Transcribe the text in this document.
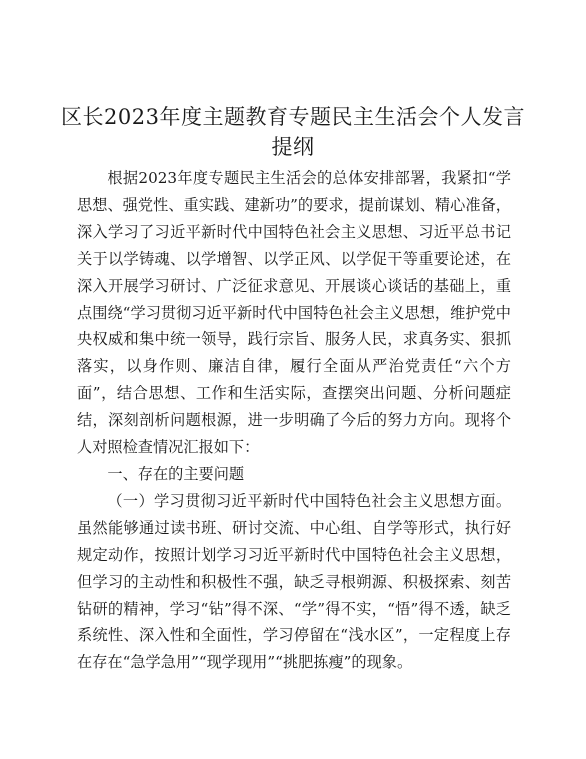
区长2023年度主题教育专题民主生活会个人发言提纲

根据2023年度专题民主生活会的总体安排部署，我紧扣“学思想、强党性、重实践、建新功”的要求，提前谋划、精心准备，深入学习了习近平新时代中国特色社会主义思想、习近平总书记关于以学铸魂、以学增智、以学正风、以学促干等重要论述，在深入开展学习研讨、广泛征求意见、开展谈心谈话的基础上，重点围绕“学习贯彻习近平新时代中国特色社会主义思想，维护党中央权威和集中统一领导，践行宗旨、服务人民，求真务实、狠抓落实，以身作则、廉洁自律，履行全面从严治党责任“六个方面”，结合思想、工作和生活实际，查摆突出问题、分析问题症结，深刻剖析问题根源，进一步明确了今后的努力方向。现将个人对照检查情况汇报如下：

一、存在的主要问题

（一）学习贯彻习近平新时代中国特色社会主义思想方面。虽然能够通过读书班、研讨交流、中心组、自学等形式，执行好规定动作，按照计划学习习近平新时代中国特色社会主义思想，但学习的主动性和积极性不强，缺乏寻根朔源、积极探索、刻苦钻研的精神，学习“钻”得不深、“学”得不实，“悟”得不透，缺乏系统性、深入性和全面性，学习停留在“浅水区”，一定程度上存在存在“急学急用”“现学现用”“挑肥拣瘦”的现象。
